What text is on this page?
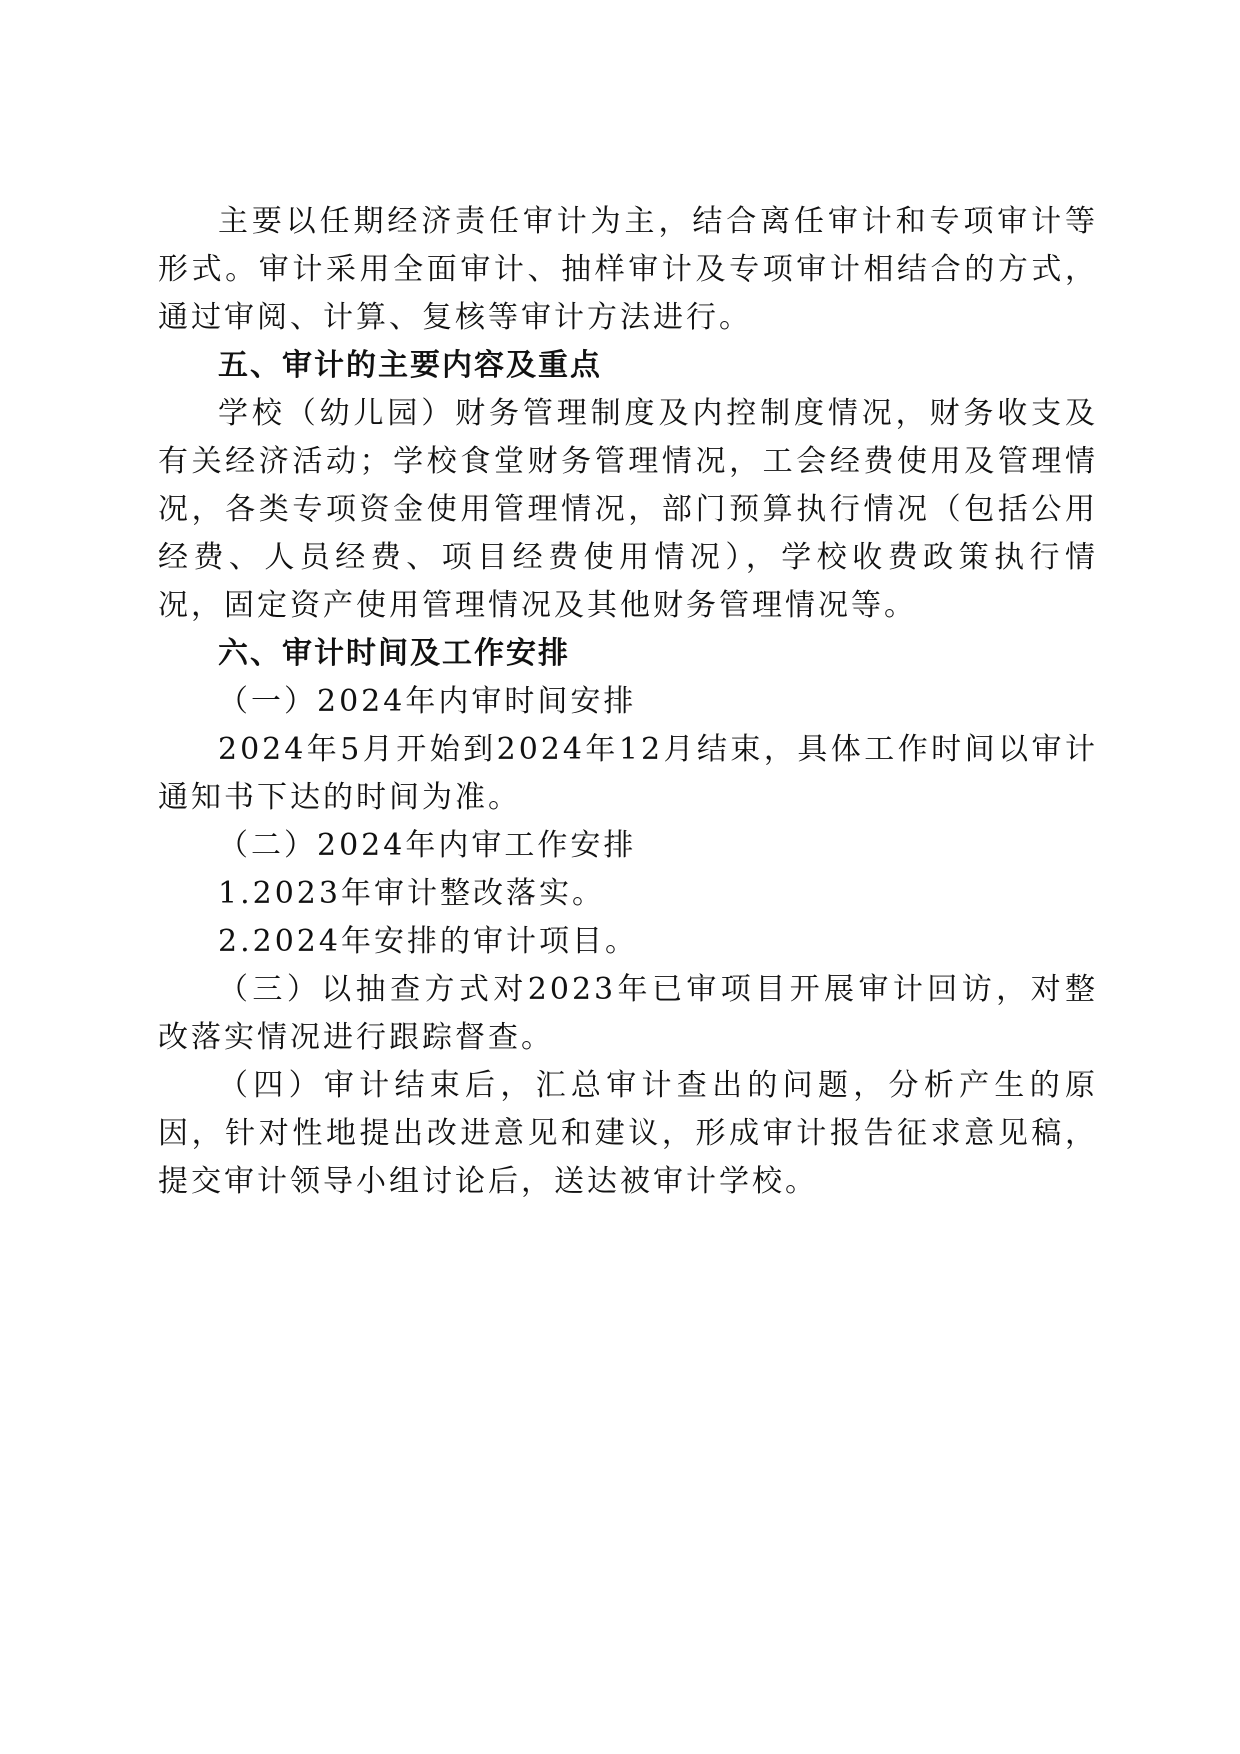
主要以任期经济责任审计为主，结合离任审计和专项审计等形式。审计采用全面审计、抽样审计及专项审计相结合的方式，通过审阅、计算、复核等审计方法进行。

五、审计的主要内容及重点

学校（幼儿园）财务管理制度及内控制度情况，财务收支及有关经济活动；学校食堂财务管理情况，工会经费使用及管理情况，各类专项资金使用管理情况，部门预算执行情况（包括公用经费、人员经费、项目经费使用情况），学校收费政策执行情况，固定资产使用管理情况及其他财务管理情况等。

六、审计时间及工作安排

（一）2024年内审时间安排

2024年5月开始到2024年12月结束，具体工作时间以审计通知书下达的时间为准。

（二）2024年内审工作安排

1.2023年审计整改落实。

2.2024年安排的审计项目。

（三）以抽查方式对2023年已审项目开展审计回访，对整改落实情况进行跟踪督查。

（四）审计结束后，汇总审计查出的问题，分析产生的原因，针对性地提出改进意见和建议，形成审计报告征求意见稿，提交审计领导小组讨论后，送达被审计学校。
